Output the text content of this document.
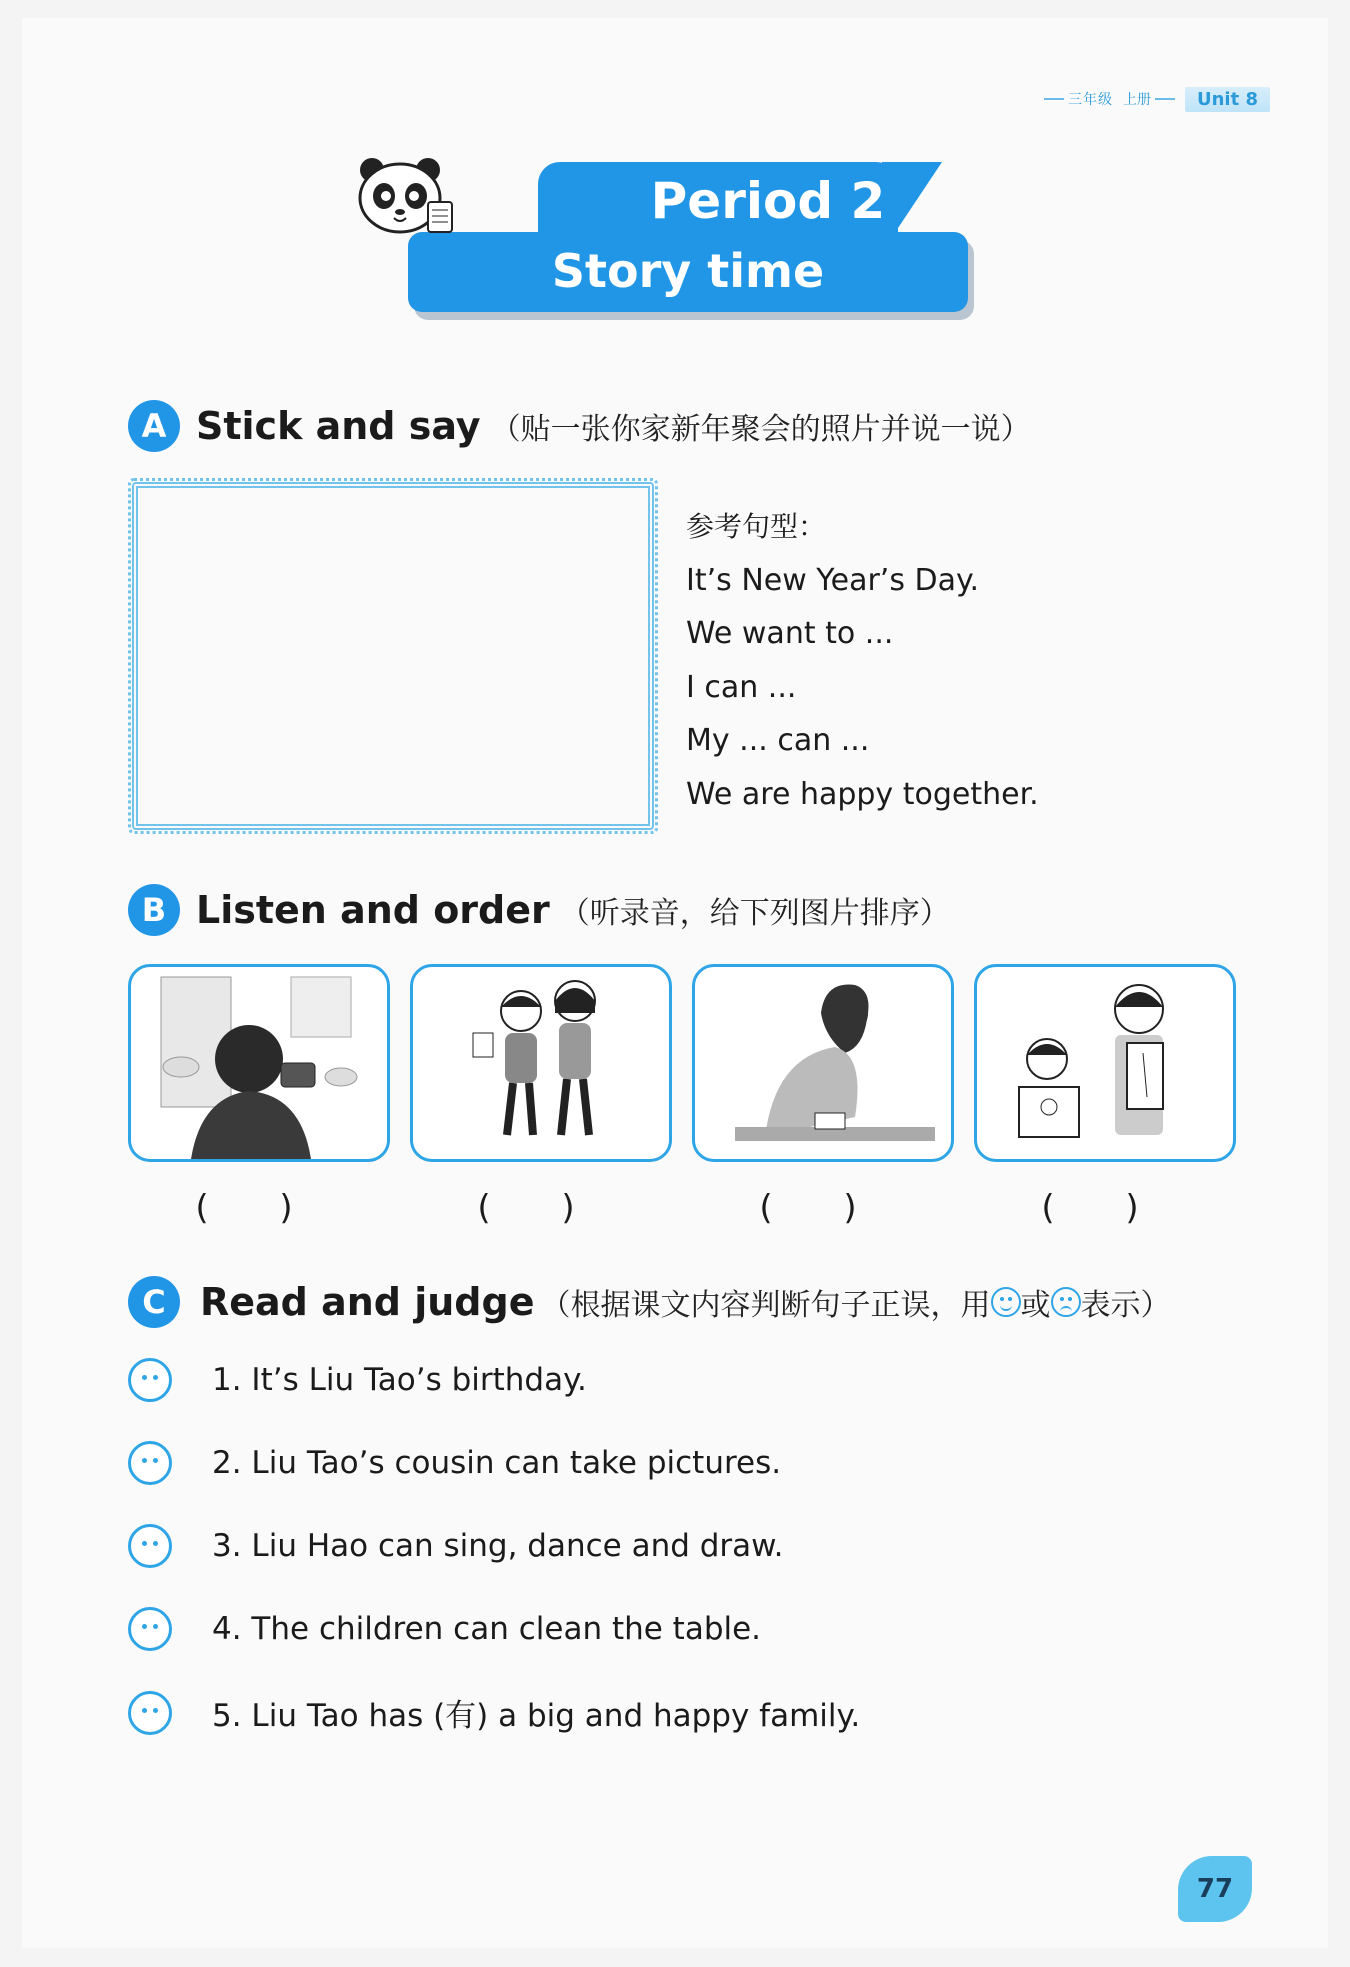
三年级 上册	Unit 8
Period 2
Story time
A Stick and say （贴一张你家新年聚会的照片并说一说）
参考句型：
It’s New Year’s Day.
We want to ...
I can ...
My ... can ...
We are happy together.
B Listen and order （听录音，给下列图片排序）
( )	( )	( )	( )
C Read and judge （根据课文内容判断句子正误，用 或 表示）
1. It’s Liu Tao’s birthday.
2. Liu Tao’s cousin can take pictures.
3. Liu Hao can sing, dance and draw.
4. The children can clean the table.
5. Liu Tao has (有) a big and happy family.
77
